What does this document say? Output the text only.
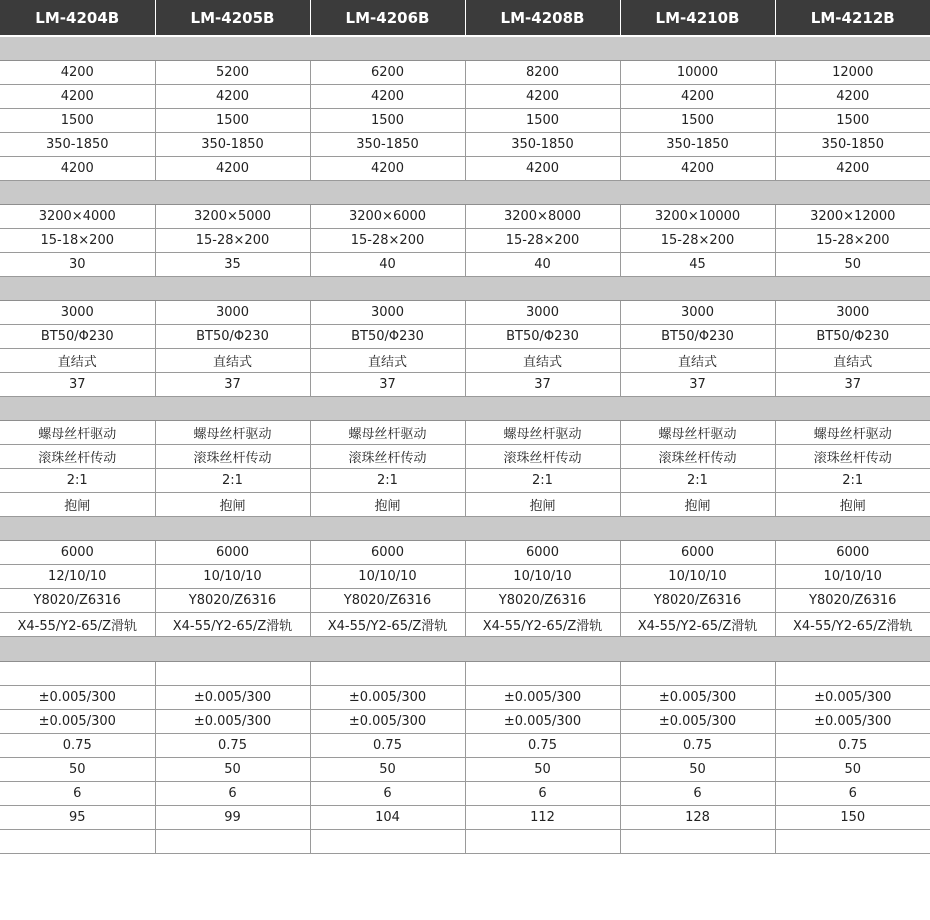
LM-4204B	LM-4205B	LM-4206B	LM-4208B	LM-4210B	LM-4212B

4200	5200	6200	8200	10000	12000
4200	4200	4200	4200	4200	4200
1500	1500	1500	1500	1500	1500
350-1850	350-1850	350-1850	350-1850	350-1850	350-1850
4200	4200	4200	4200	4200	4200

3200×4000	3200×5000	3200×6000	3200×8000	3200×10000	3200×12000
15-18×200	15-28×200	15-28×200	15-28×200	15-28×200	15-28×200
30	35	40	40	45	50

3000	3000	3000	3000	3000	3000
BT50/Φ230	BT50/Φ230	BT50/Φ230	BT50/Φ230	BT50/Φ230	BT50/Φ230
直结式	直结式	直结式	直结式	直结式	直结式
37	37	37	37	37	37

螺母丝杆驱动	螺母丝杆驱动	螺母丝杆驱动	螺母丝杆驱动	螺母丝杆驱动	螺母丝杆驱动
滚珠丝杆传动	滚珠丝杆传动	滚珠丝杆传动	滚珠丝杆传动	滚珠丝杆传动	滚珠丝杆传动
2:1	2:1	2:1	2:1	2:1	2:1
抱闸	抱闸	抱闸	抱闸	抱闸	抱闸

6000	6000	6000	6000	6000	6000
12/10/10	10/10/10	10/10/10	10/10/10	10/10/10	10/10/10
Y8020/Z6316	Y8020/Z6316	Y8020/Z6316	Y8020/Z6316	Y8020/Z6316	Y8020/Z6316
X4-55/Y2-65/Z滑轨	X4-55/Y2-65/Z滑轨	X4-55/Y2-65/Z滑轨	X4-55/Y2-65/Z滑轨	X4-55/Y2-65/Z滑轨	X4-55/Y2-65/Z滑轨

±0.005/300	±0.005/300	±0.005/300	±0.005/300	±0.005/300	±0.005/300
±0.005/300	±0.005/300	±0.005/300	±0.005/300	±0.005/300	±0.005/300
0.75	0.75	0.75	0.75	0.75	0.75
50	50	50	50	50	50
6	6	6	6	6	6
95	99	104	112	128	150
